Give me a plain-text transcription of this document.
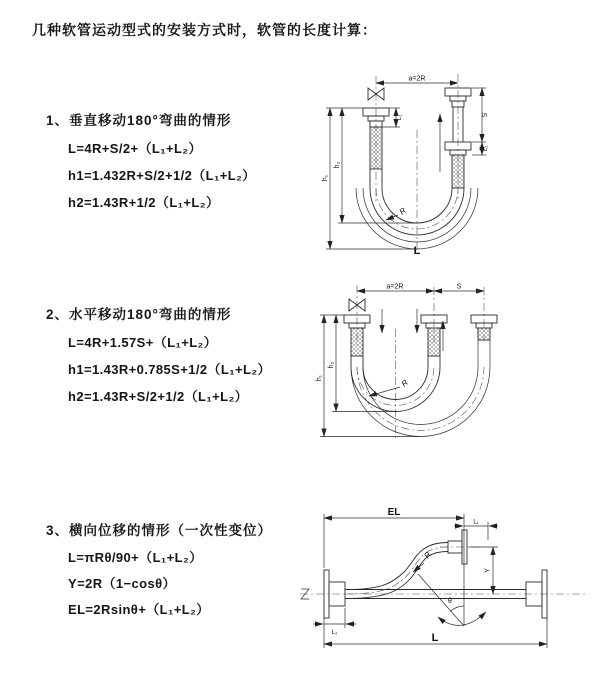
几种软管运动型式的安装方式时，软管的长度计算：
1、垂直移动180°弯曲的情形
L=4R+S/2+（L₁+L₂）
h1=1.432R+S/2+1/2（L₁+L₂）
h2=1.43R+1/2（L₁+L₂）
2、水平移动180°弯曲的情形
L=4R+1.57S+（L₁+L₂）
h1=1.43R+0.785S+1/2（L₁+L₂）
h2=1.43R+S/2+1/2（L₁+L₂）
3、横向位移的情形（一次性变位）
L=πRθ/90+（L₁+L₂）
Y=2R（1−cosθ）
EL=2Rsinθ+（L₁+L₂）
a=2R
S
L₂
L₁
h₁
h₂
R
L
a=2R	S
h₁
h₂
R
EL
L₁
Y
R
θ
L
L₁
